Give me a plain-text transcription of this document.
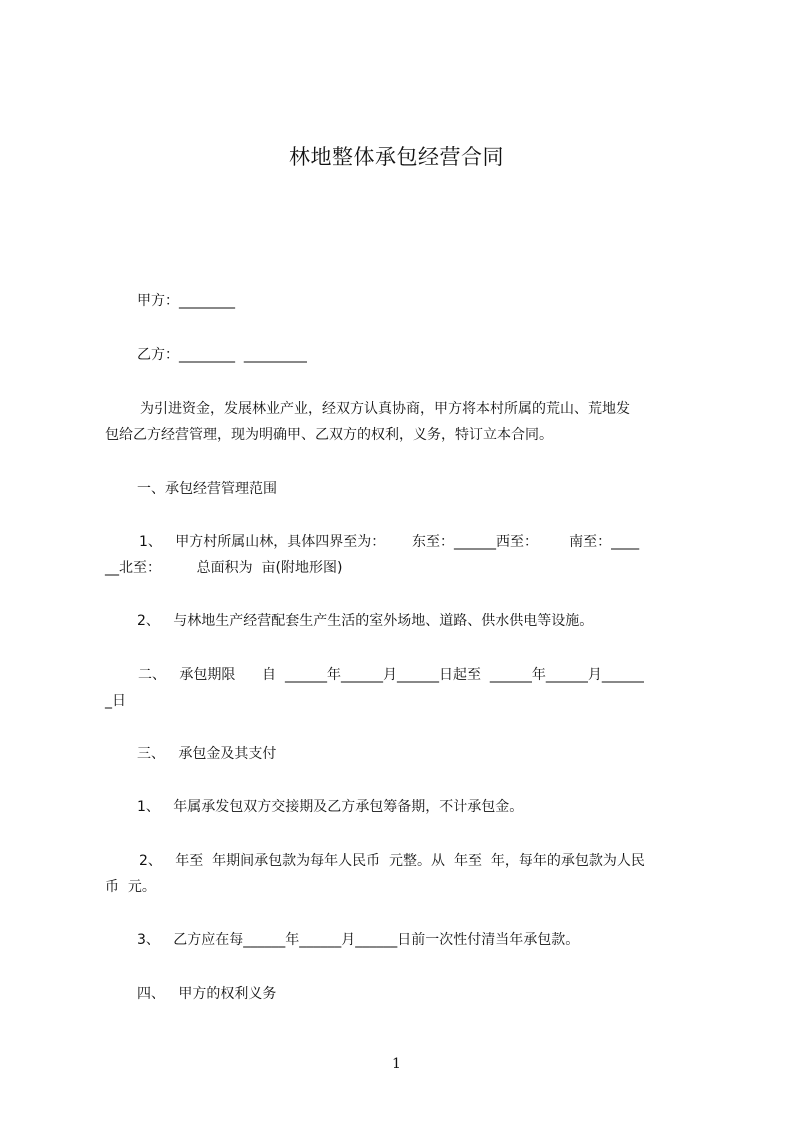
林地整体承包经营合同
甲方：________
乙方：________  _________
为引进资金，发展林业产业，经双方认真协商，甲方将本村所属的荒山、荒地发
包给乙方经营管理，现为明确甲、乙双方的权利，义务，特订立本合同。
一、承包经营管理范围
1、   甲方村所属山林，具体四界至为：      东至：______西至：       南至：____
__北至：        总面积为  亩(附地形图)
2、   与林地生产经营配套生产生活的室外场地、道路、供水供电等设施。
二、   承包期限      自  ______年______月______日起至  ______年______月______
_日
三、   承包金及其支付
1、   年属承发包双方交接期及乙方承包筹备期，不计承包金。
2、   年至  年期间承包款为每年人民币  元整。从  年至  年，每年的承包款为人民
币  元。
3、   乙方应在每______年______月______日前一次性付清当年承包款。
四、   甲方的权利义务
1
